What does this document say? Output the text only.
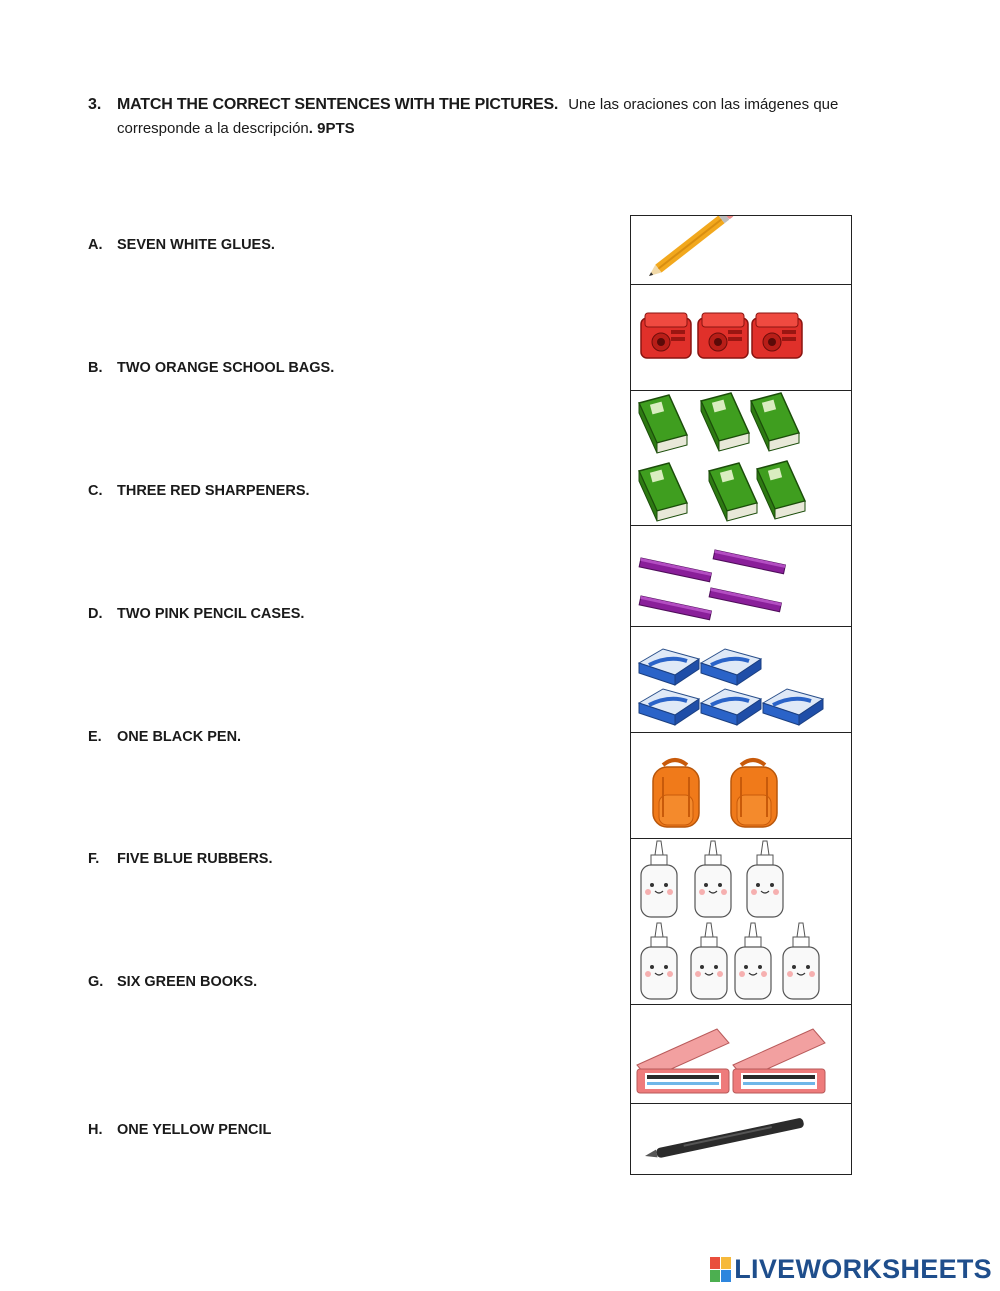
3. MATCH THE CORRECT SENTENCES WITH THE PICTURES. Une las oraciones con las imágenes que
corresponde a la descripción. 9PTS
A.	SEVEN WHITE GLUES.
B.	TWO ORANGE SCHOOL BAGS.
C.	THREE RED SHARPENERS.
D.	TWO PINK PENCIL CASES.
E.	ONE BLACK PEN.
F.	FIVE BLUE RUBBERS.
G. SIX GREEN BOOKS.
H.	ONE YELLOW PENCIL
LIVEWORKSHEETS
